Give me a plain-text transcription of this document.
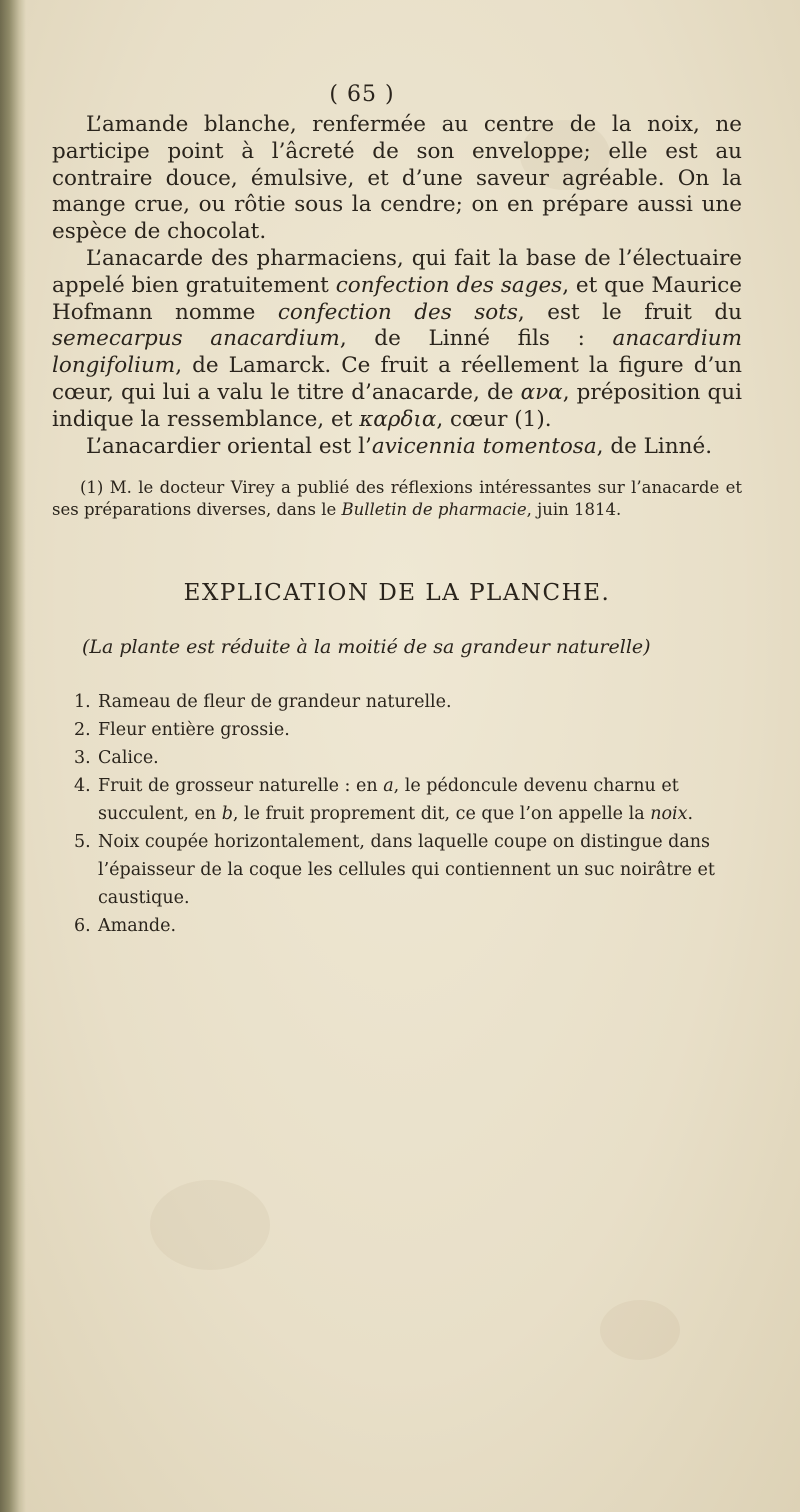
( 65 )

L’amande blanche, renfermée au centre de la noix, ne participe point à l’âcreté de son enveloppe; elle est au contraire douce, émulsive, et d’une saveur agréable. On la mange crue, ou rôtie sous la cendre; on en prépare aussi une espèce de chocolat.

L’anacarde des pharmaciens, qui fait la base de l’électuaire appelé bien gratuitement confection des sages, et que Maurice Hofmann nomme confection des sots, est le fruit du semecarpus anacardium, de Linné fils : anacardium longifolium, de Lamarck. Ce fruit a réellement la figure d’un cœur, qui lui a valu le titre d’anacarde, de ανα, préposition qui indique la ressemblance, et καρδια, cœur (1).

L’anacardier oriental est l’avicennia tomentosa, de Linné.

(1) M. le docteur Virey a publié des réflexions intéressantes sur l’anacarde et ses préparations diverses, dans le Bulletin de pharmacie, juin 1814.
EXPLICATION DE LA PLANCHE.
(La plante est réduite à la moitié de sa grandeur naturelle)
1. Rameau de fleur de grandeur naturelle.
2. Fleur entière grossie.
3. Calice.
4. Fruit de grosseur naturelle : en a, le pédoncule devenu charnu et succulent, en b, le fruit proprement dit, ce que l’on appelle la noix.
5. Noix coupée horizontalement, dans laquelle coupe on distingue dans l’épaisseur de la coque les cellules qui contiennent un suc noirâtre et caustique.
6. Amande.
